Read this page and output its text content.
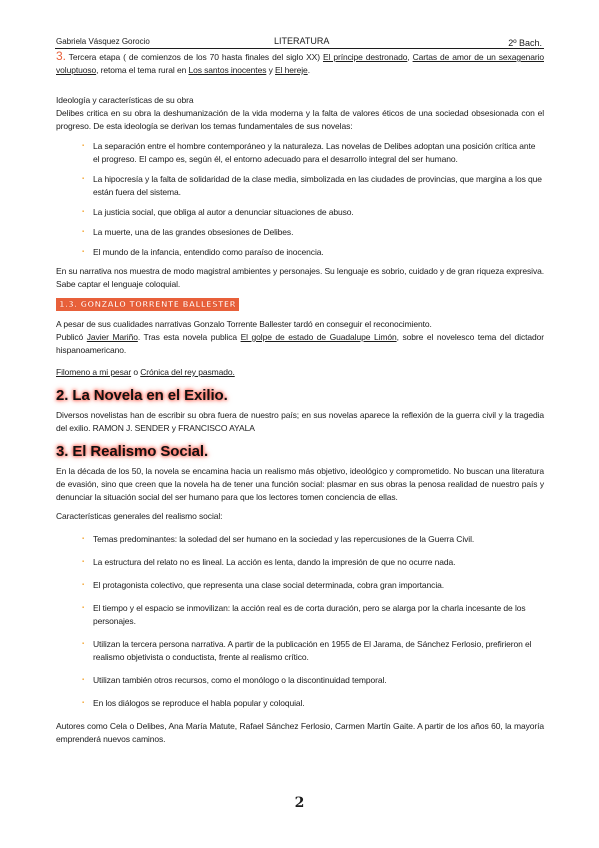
Gabriela Vásquez Gorocio	LITERATURA	2º Bach.

3. Tercera etapa ( de comienzos de los 70 hasta finales del siglo XX) El príncipe destronado, Cartas de amor de un sexagenario voluptuoso, retoma el tema rural en Los santos inocentes y El hereje.

Ideología y características de su obra

Delibes critica en su obra la deshumanización de la vida moderna y la falta de valores éticos de una sociedad obsesionada con el progreso. De esta ideología se derivan los temas fundamentales de sus novelas:

▪ La separación entre el hombre contemporáneo y la naturaleza. Las novelas de Delibes adoptan una posición crítica ante el progreso. El campo es, según él, el entorno adecuado para el desarrollo integral del ser humano.
▪ La hipocresía y la falta de solidaridad de la clase media, simbolizada en las ciudades de provincias, que margina a los que están fuera del sistema.
▪ La justicia social, que obliga al autor a denunciar situaciones de abuso.
▪ La muerte, una de las grandes obsesiones de Delibes.
▪ El mundo de la infancia, entendido como paraíso de inocencia.

En su narrativa nos muestra de modo magistral ambientes y personajes. Su lenguaje es sobrio, cuidado y de gran riqueza expresiva. Sabe captar el lenguaje coloquial.

1.3. GONZALO TORRENTE BALLESTER

A pesar de sus cualidades narrativas Gonzalo Torrente Ballester tardó en conseguir el reconocimiento.

Publicó Javier Mariño. Tras esta novela publica El golpe de estado de Guadalupe Limón, sobre el novelesco tema del dictador hispanoamericano.

Filomeno a mi pesar o Crónica del rey pasmado.

2. La Novela en el Exilio.

Diversos novelistas han de escribir su obra fuera de nuestro país; en sus novelas aparece la reflexión de la guerra civil y la tragedia del exilio. RAMON J. SENDER y FRANCISCO AYALA

3. El Realismo Social.

En la década de los 50, la novela se encamina hacia un realismo más objetivo, ideológico y comprometido. No buscan una literatura de evasión, sino que creen que la novela ha de tener una función social: plasmar en sus obras la penosa realidad de nuestro país y denunciar la situación social del ser humano para que los lectores tomen conciencia de ellas.

Características generales del realismo social:

▪ Temas predominantes: la soledad del ser humano en la sociedad y las repercusiones de la Guerra Civil.
▪ La estructura del relato no es lineal. La acción es lenta, dando la impresión de que no ocurre nada.
▪ El protagonista colectivo, que representa una clase social determinada, cobra gran importancia.
▪ El tiempo y el espacio se inmovilizan: la acción real es de corta duración, pero se alarga por la charla incesante de los personajes.
▪ Utilizan la tercera persona narrativa. A partir de la publicación en 1955 de El Jarama, de Sánchez Ferlosio, prefirieron el realismo objetivista o conductista, frente al realismo crítico.
▪ Utilizan también otros recursos, como el monólogo o la discontinuidad temporal.
▪ En los diálogos se reproduce el habla popular y coloquial.

Autores como Cela o Delibes, Ana María Matute, Rafael Sánchez Ferlosio, Carmen Martín Gaite. A partir de los años 60, la mayoría emprenderá nuevos caminos.

2
